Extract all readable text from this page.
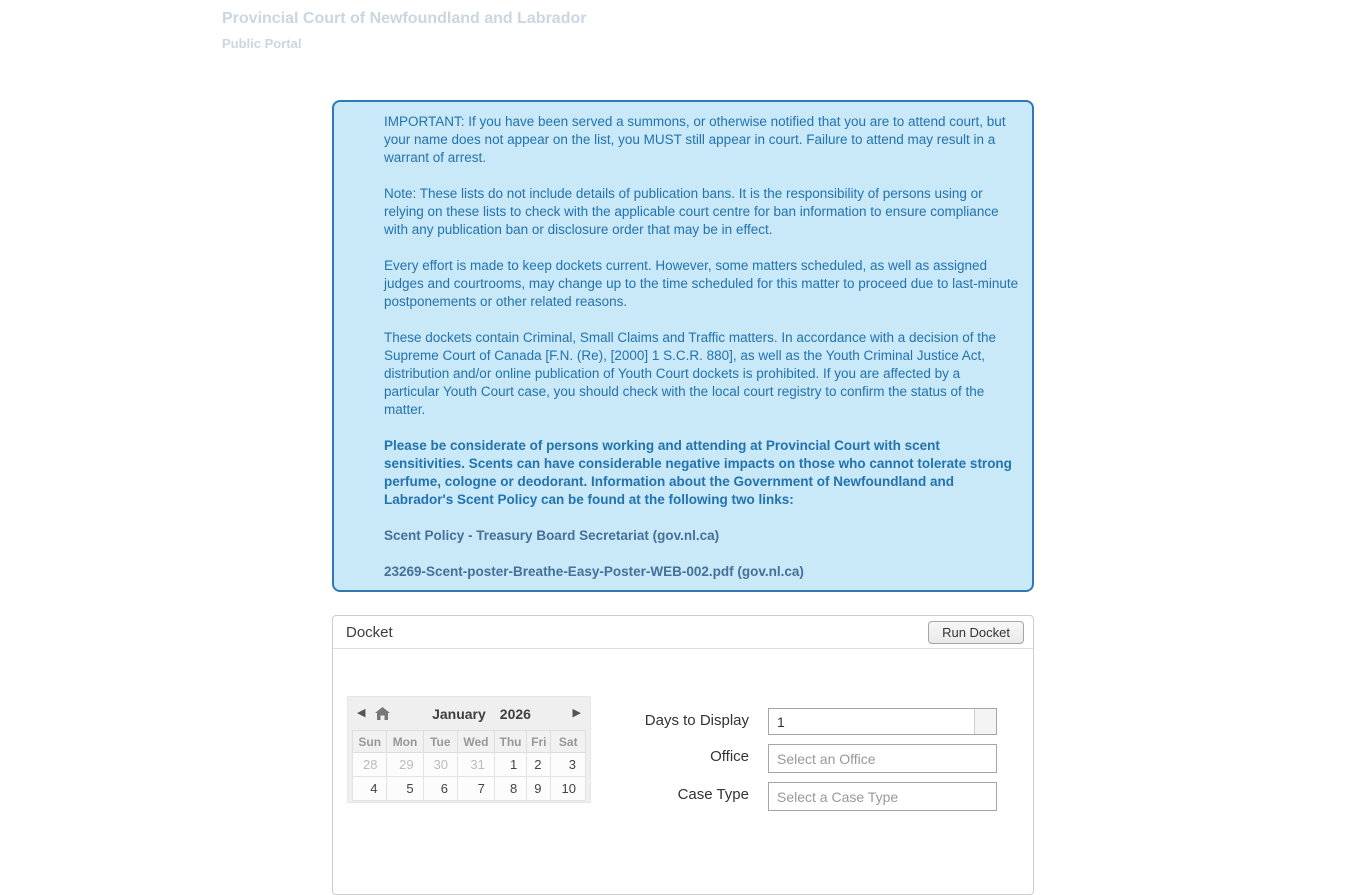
Provincial Court of Newfoundland and Labrador
Public Portal

IMPORTANT: If you have been served a summons, or otherwise notified that you are to attend court, but your name does not appear on the list, you MUST still appear in court. Failure to attend may result in a warrant of arrest.

Note: These lists do not include details of publication bans. It is the responsibility of persons using or relying on these lists to check with the applicable court centre for ban information to ensure compliance with any publication ban or disclosure order that may be in effect.

Every effort is made to keep dockets current. However, some matters scheduled, as well as assigned judges and courtrooms, may change up to the time scheduled for this matter to proceed due to last-minute postponements or other related reasons.

These dockets contain Criminal, Small Claims and Traffic matters. In accordance with a decision of the Supreme Court of Canada [F.N. (Re), [2000] 1 S.C.R. 880], as well as the Youth Criminal Justice Act, distribution and/or online publication of Youth Court dockets is prohibited. If you are affected by a particular Youth Court case, you should check with the local court registry to confirm the status of the matter.

Please be considerate of persons working and attending at Provincial Court with scent sensitivities. Scents can have considerable negative impacts on those who cannot tolerate strong perfume, cologne or deodorant. Information about the Government of Newfoundland and Labrador's Scent Policy can be found at the following two links:

Scent Policy - Treasury Board Secretariat (gov.nl.ca)
23269-Scent-poster-Breathe-Easy-Poster-WEB-002.pdf (gov.nl.ca)
Docket	Run Docket
◀	January 2026	▶
Sun	Mon	Tue	Wed	Thu	Fri	Sat
28	29	30	31	1	2	3
4	5	6	7	8	9	10
Days to Display
1
Office
Select an Office
Case Type
Select a Case Type
